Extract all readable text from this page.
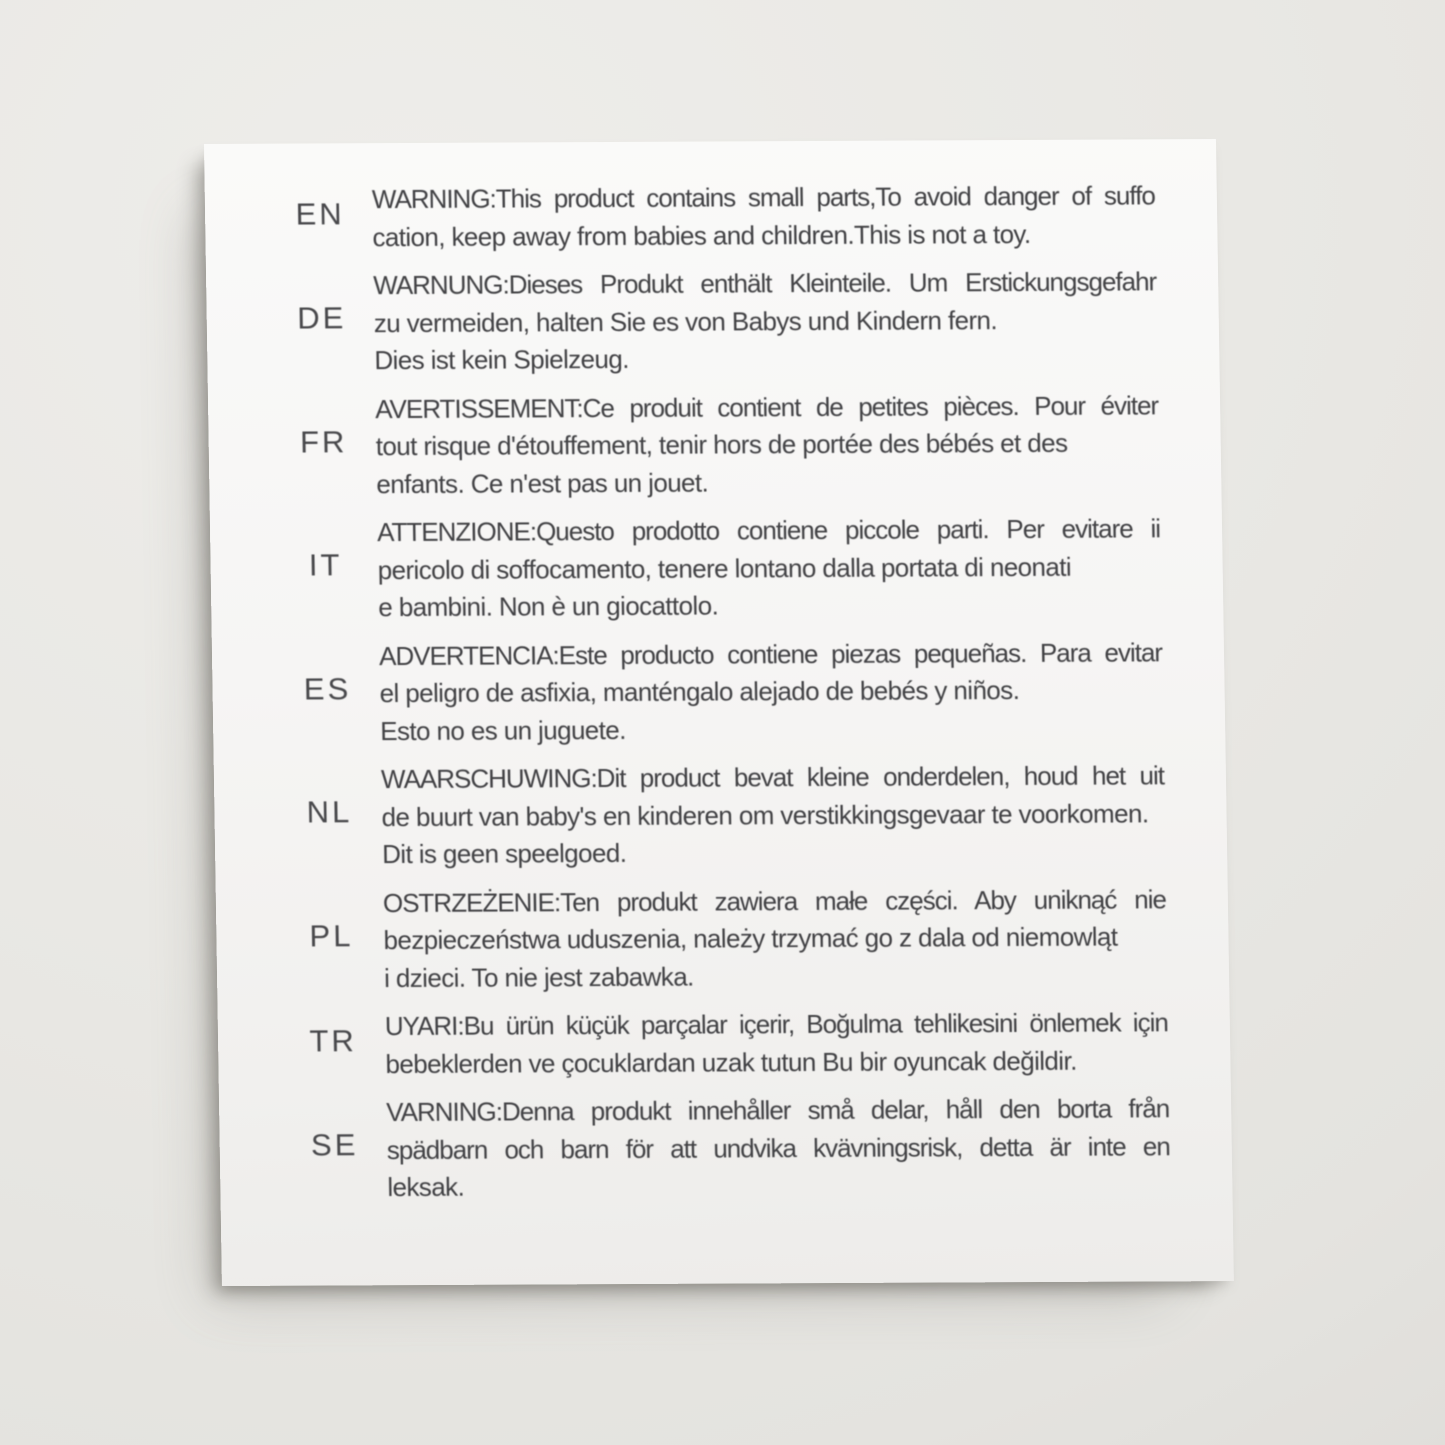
EN	WARNING:This product contains small parts,To avoid danger of suffo
cation, keep away from babies and children.This is not a toy.
DE
WARNUNG:Dieses Produkt enthält Kleinteile. Um Erstickungsgefahr
zu vermeiden, halten Sie es von Babys und Kindern fern.
Dies ist kein Spielzeug.
FR
AVERTISSEMENT:Ce produit contient de petites pièces. Pour éviter
tout risque d'étouffement, tenir hors de portée des bébés et des
enfants. Ce n'est pas un jouet.
IT
ATTENZIONE:Questo prodotto contiene piccole parti. Per evitare ii
pericolo di soffocamento, tenere lontano dalla portata di neonati
e bambini. Non è un giocattolo.
ES
ADVERTENCIA:Este producto contiene piezas pequeñas. Para evitar
el peligro de asfixia, manténgalo alejado de bebés y niños.
Esto no es un juguete.
NL
WAARSCHUWING:Dit product bevat kleine onderdelen, houd het uit
de buurt van baby's en kinderen om verstikkingsgevaar te voorkomen.
Dit is geen speelgoed.
PL
OSTRZEŻENIE:Ten produkt zawiera małe części. Aby uniknąć nie
bezpieczeństwa uduszenia, należy trzymać go z dala od niemowląt
i dzieci. To nie jest zabawka.
TR	UYARI:Bu ürün küçük parçalar içerir, Boğulma tehlikesini önlemek için
bebeklerden ve çocuklardan uzak tutun Bu bir oyuncak değildir.
SE
VARNING:Denna produkt innehåller små delar, håll den borta från
spädbarn och barn för att undvika kvävningsrisk, detta är inte en
leksak.
